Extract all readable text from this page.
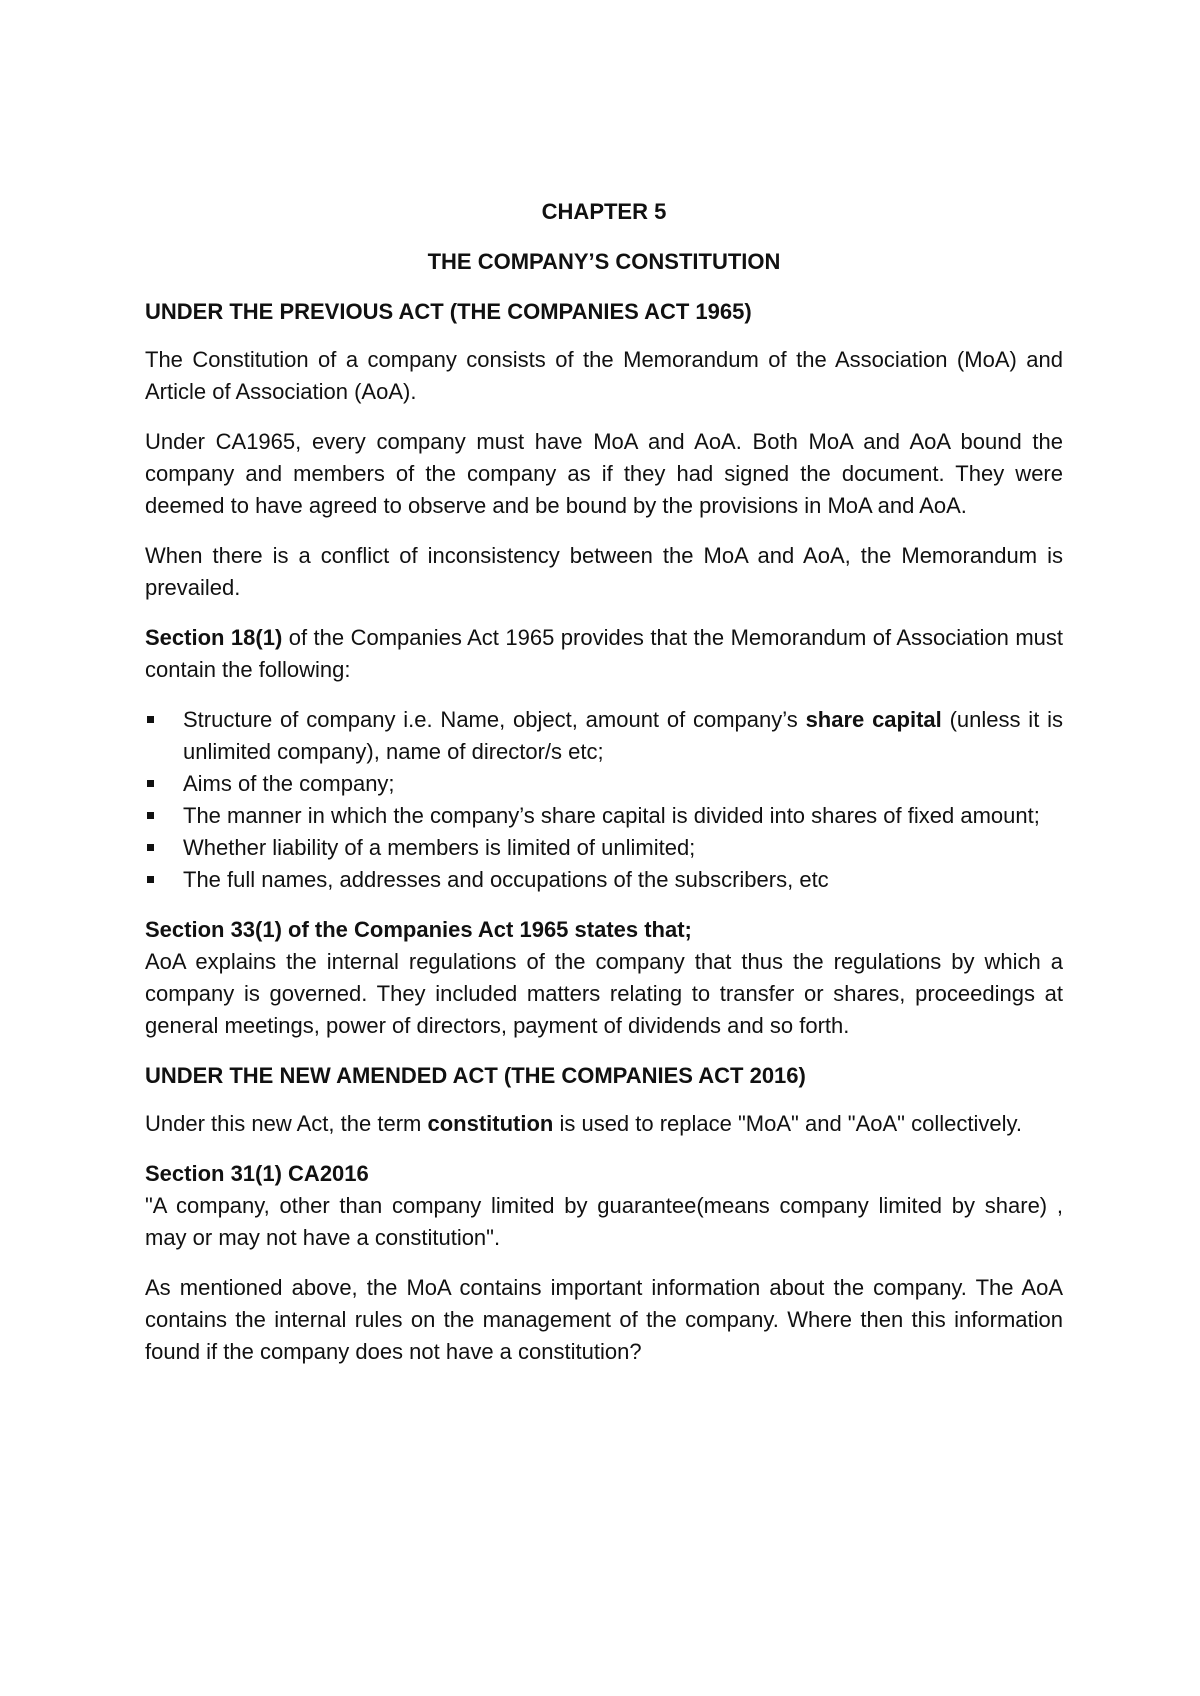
CHAPTER 5
THE COMPANY’S CONSTITUTION
UNDER THE PREVIOUS ACT (THE COMPANIES ACT 1965)

The Constitution of a company consists of the Memorandum of the Association (MoA) and Article of Association (AoA).

Under CA1965, every company must have MoA and AoA. Both MoA and AoA bound the company and members of the company as if they had signed the document. They were deemed to have agreed to observe and be bound by the provisions in MoA and AoA.

When there is a conflict of inconsistency between the MoA and AoA, the Memorandum is prevailed.

Section 18(1) of the Companies Act 1965 provides that the Memorandum of Association must contain the following:

Structure of company i.e. Name, object, amount of company’s share capital (unless it is unlimited company), name of director/s etc;
Aims of the company;
The manner in which the company’s share capital is divided into shares of fixed amount;
Whether liability of a members is limited of unlimited;
The full names, addresses and occupations of the subscribers, etc
Section 33(1) of the Companies Act 1965 states that;

AoA explains the internal regulations of the company that thus the regulations by which a company is governed. They included matters relating to transfer or shares, proceedings at general meetings, power of directors, payment of dividends and so forth.

UNDER THE NEW AMENDED ACT (THE COMPANIES ACT 2016)

Under this new Act, the term constitution is used to replace "MoA" and "AoA" collectively.

Section 31(1) CA2016

"A company, other than company limited by guarantee(means company limited by share) , may or may not have a constitution".

As mentioned above, the MoA contains important information about the company. The AoA contains the internal rules on the management of the company. Where then this information found if the company does not have a constitution?
